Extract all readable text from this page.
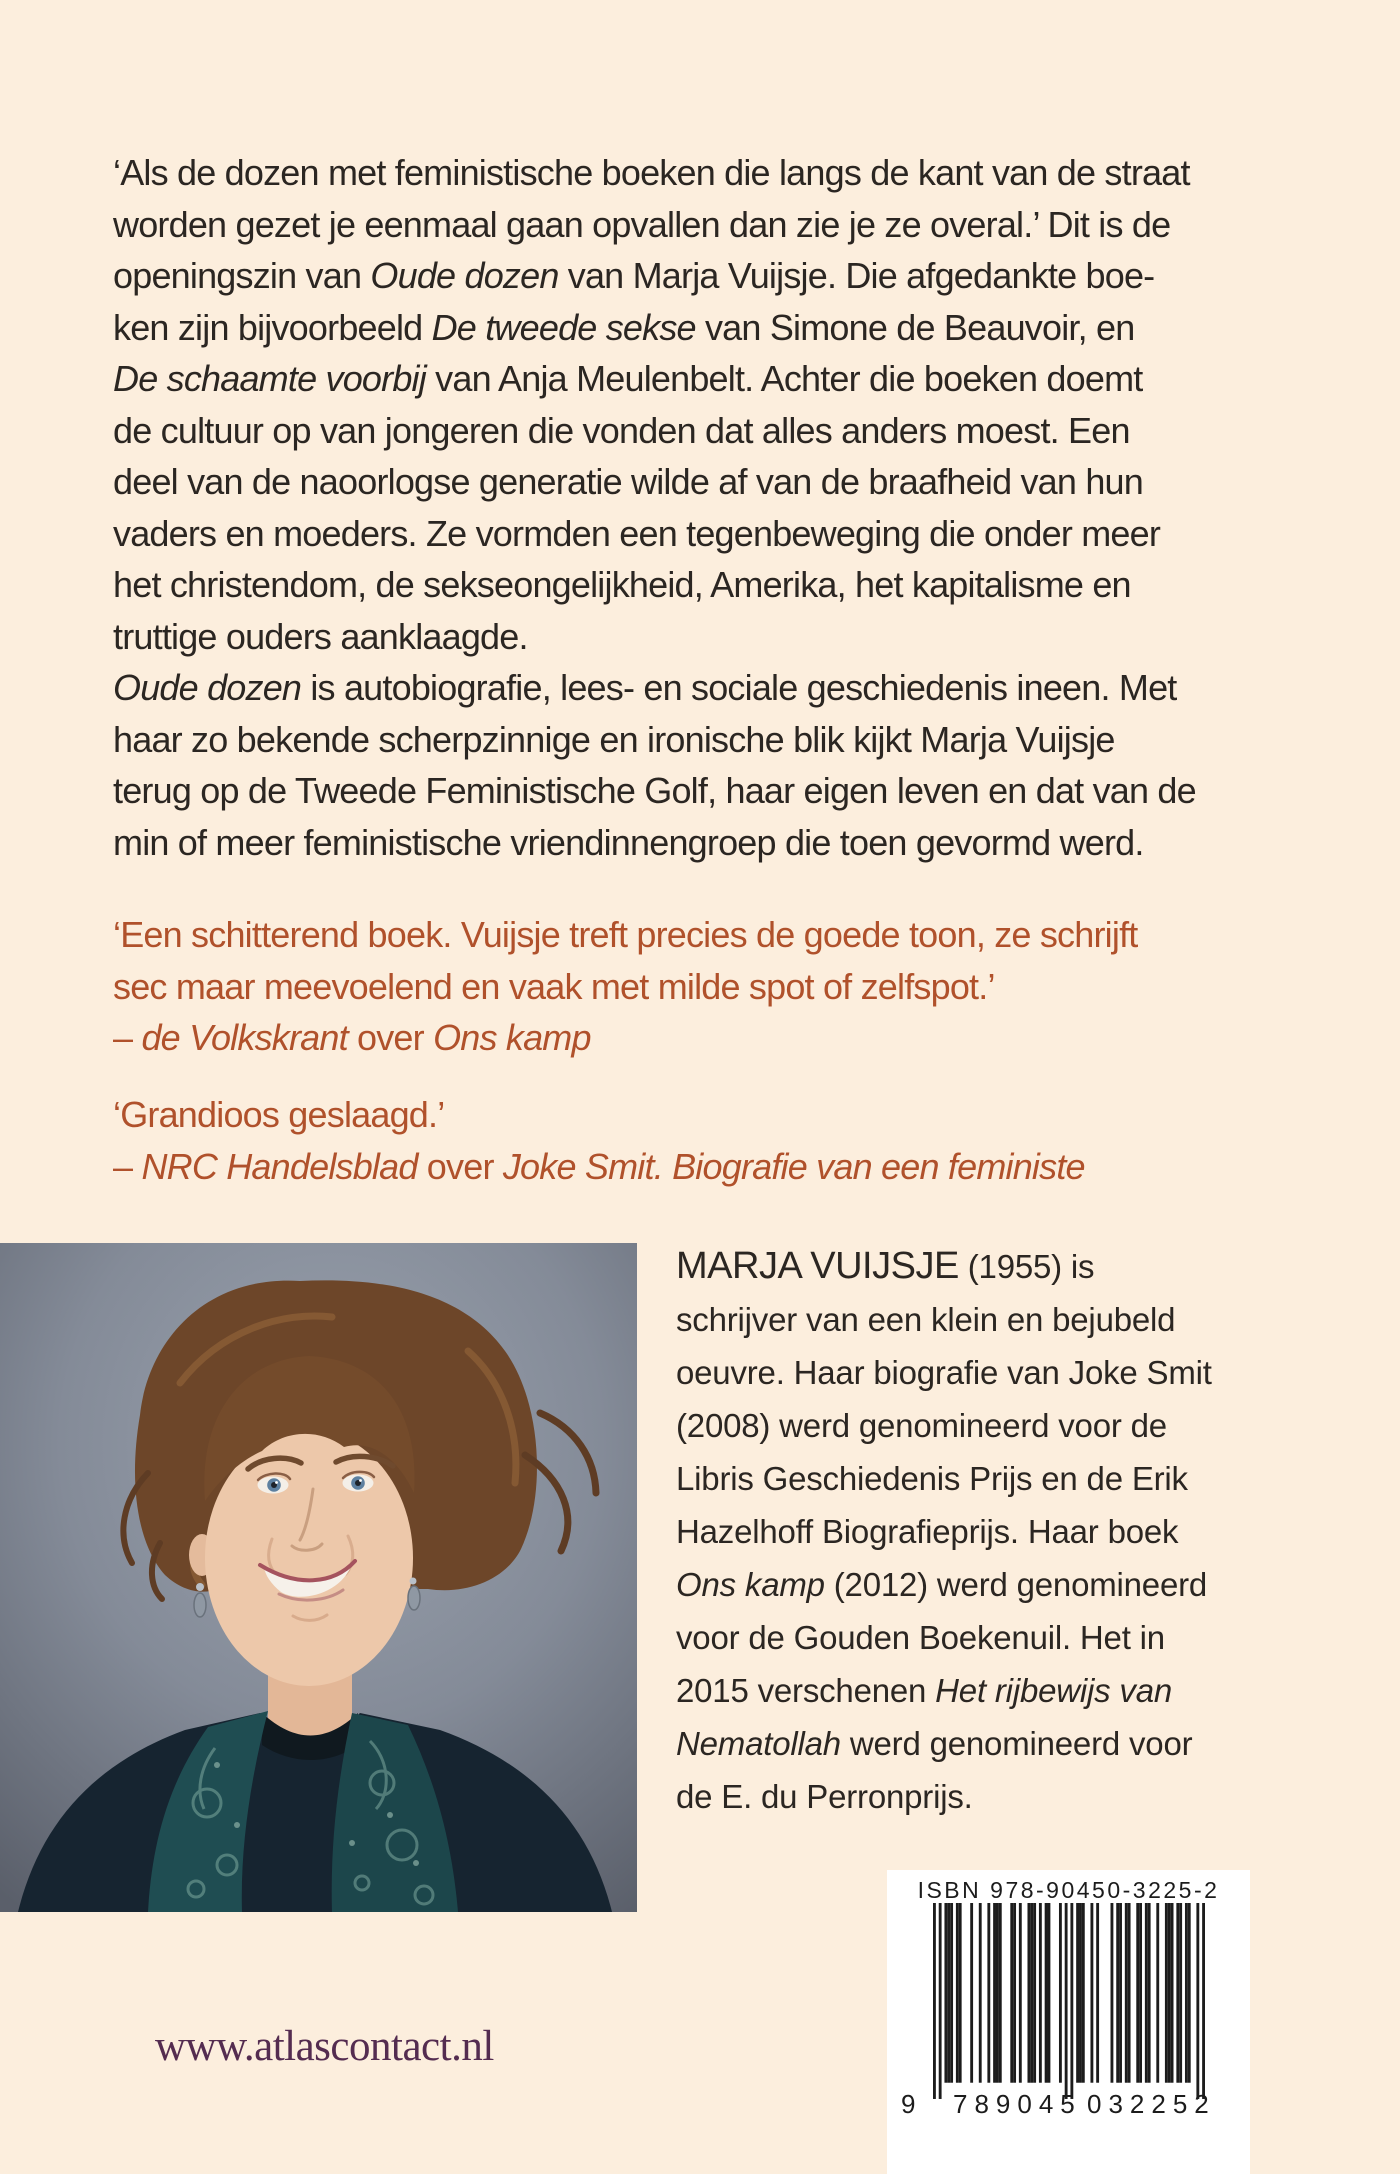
‘Als de dozen met feministische boeken die langs de kant van de straat
worden gezet je eenmaal gaan opvallen dan zie je ze overal.’ Dit is de
openingszin van Oude dozen van Marja Vuijsje. Die afgedankte boe-
ken zijn bijvoorbeeld De tweede sekse van Simone de Beauvoir, en
De schaamte voorbij van Anja Meulenbelt. Achter die boeken doemt
de cultuur op van jongeren die vonden dat alles anders moest. Een
deel van de naoorlogse generatie wilde af van de braafheid van hun
vaders en moeders. Ze vormden een tegenbeweging die onder meer
het christendom, de sekseongelijkheid, Amerika, het kapitalisme en
truttige ouders aanklaagde.
Oude dozen is autobiografie, lees- en sociale geschiedenis ineen. Met
haar zo bekende scherpzinnige en ironische blik kijkt Marja Vuijsje
terug op de Tweede Feministische Golf, haar eigen leven en dat van de
min of meer feministische vriendinnengroep die toen gevormd werd.
‘Een schitterend boek. Vuijsje treft precies de goede toon, ze schrijft
sec maar meevoelend en vaak met milde spot of zelfspot.’
– de Volkskrant over Ons kamp
‘Grandioos geslaagd.’
– NRC Handelsblad over Joke Smit. Biografie van een feministe
MARJA VUIJSJE (1955) is
schrijver van een klein en bejubeld
oeuvre. Haar biografie van Joke Smit
(2008) werd genomineerd voor de
Libris Geschiedenis Prijs en de Erik
Hazelhoff Biografieprijs. Haar boek
Ons kamp (2012) werd genomineerd
voor de Gouden Boekenuil. Het in
2015 verschenen Het rijbewijs van
Nematollah werd genomineerd voor
de E. du Perronprijs.
www.atlascontact.nl
ISBN 978-90450-3225-2
9 789045 032252
